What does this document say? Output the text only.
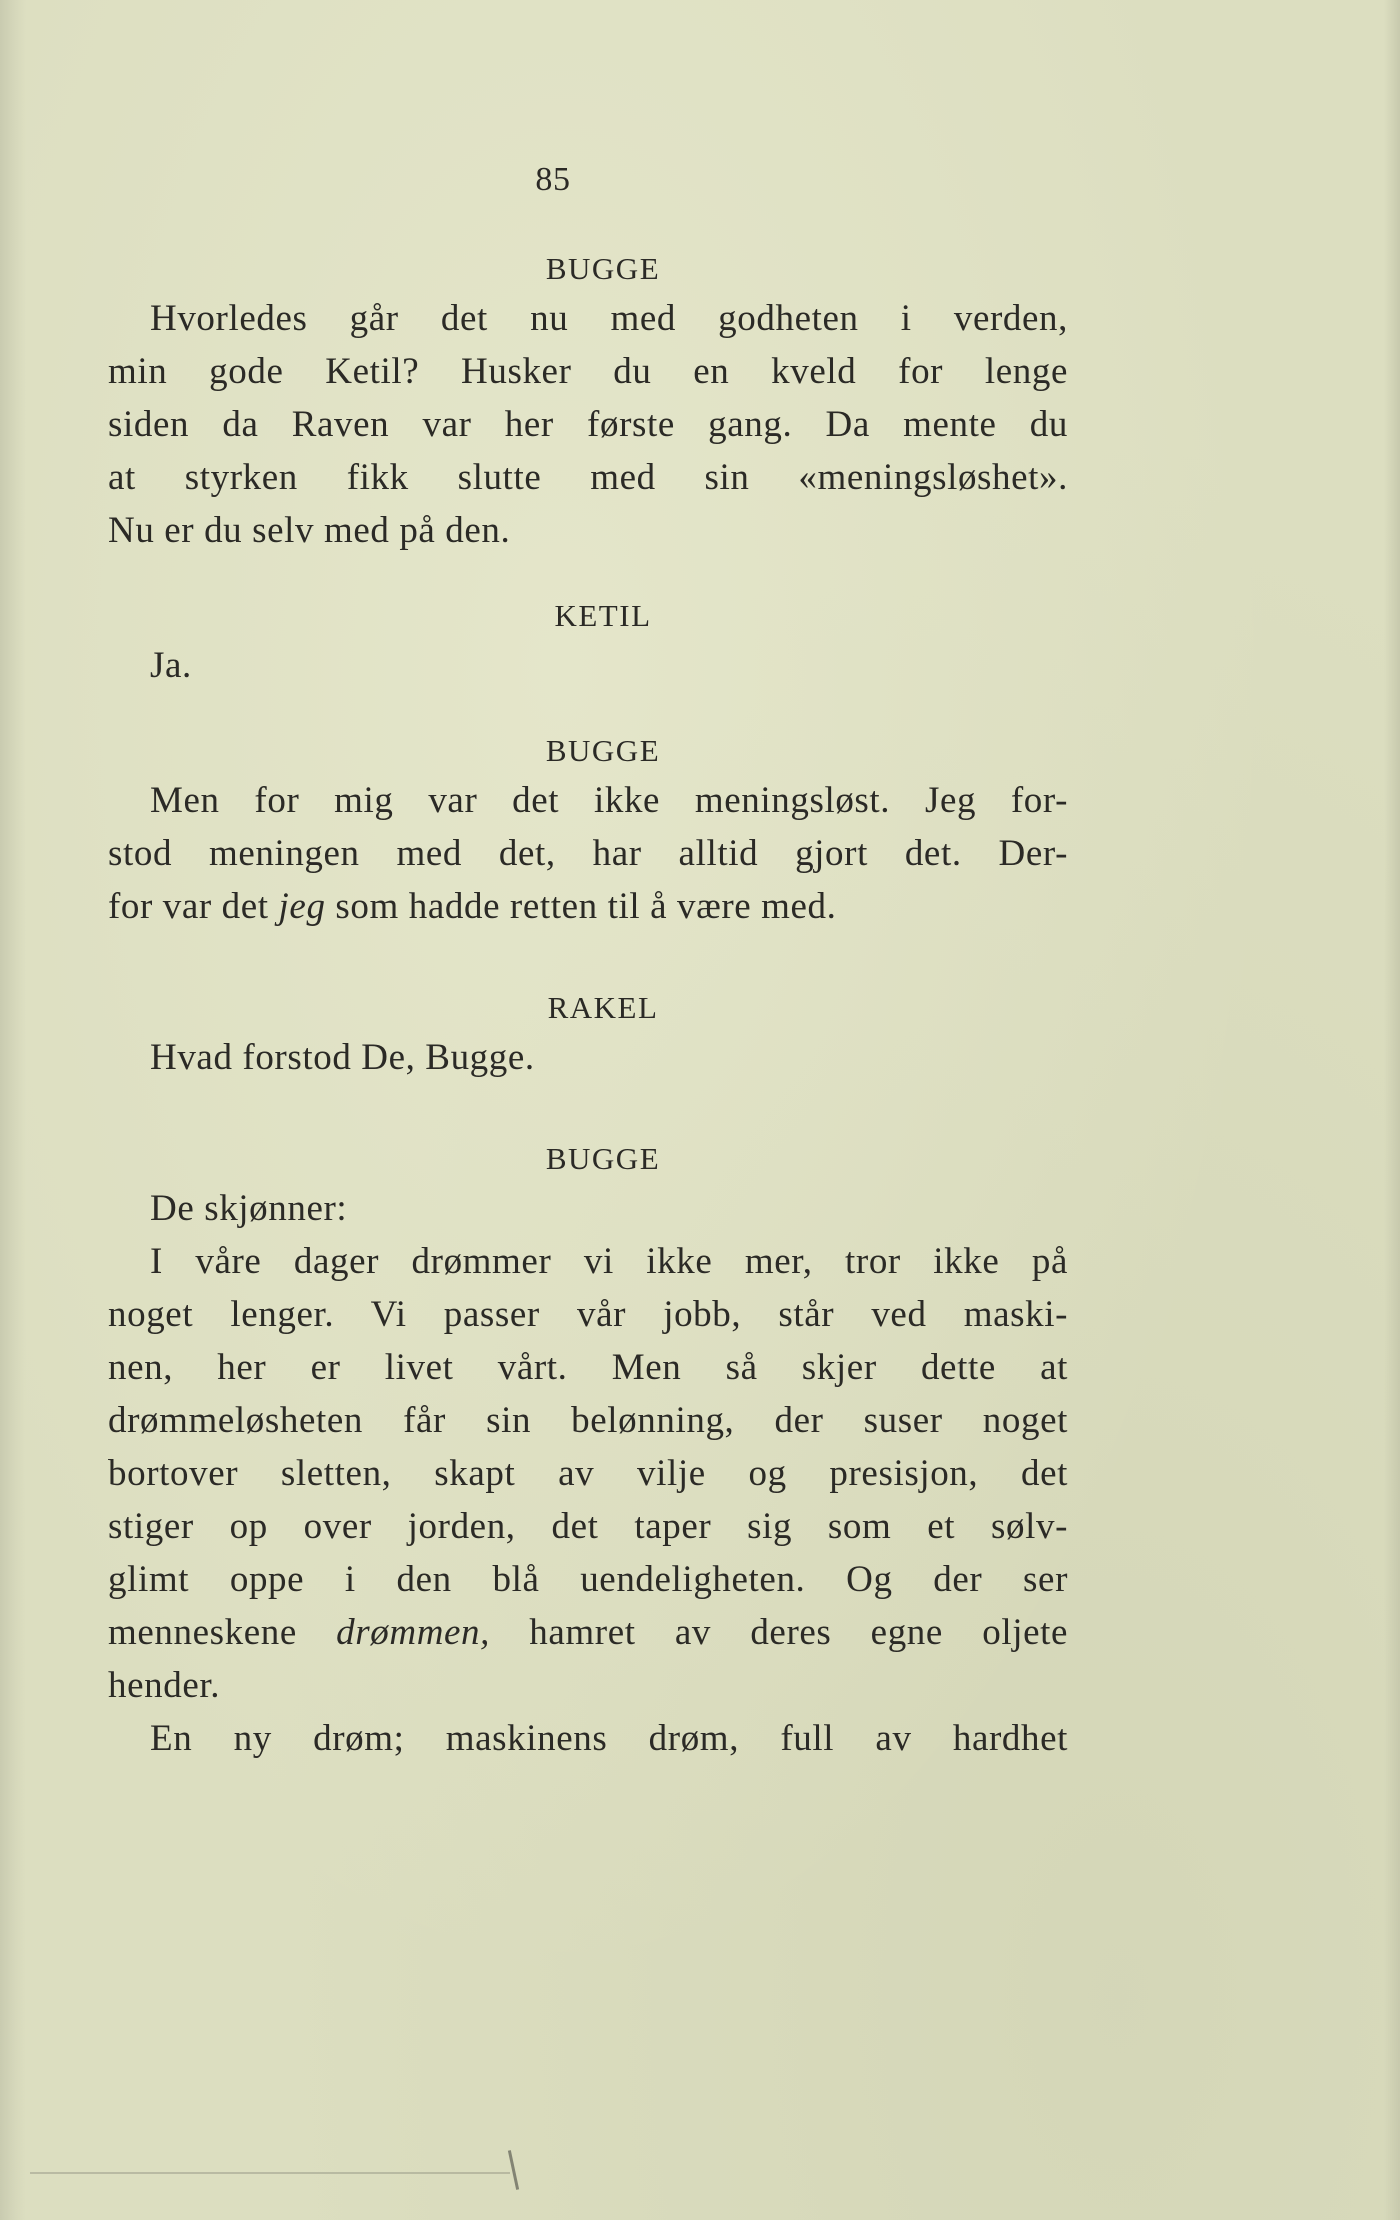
85
BUGGE
Hvorledes går det nu med godheten i verden,
min gode Ketil? Husker du en kveld for lenge
siden da Raven var her første gang. Da mente du
at styrken fikk slutte med sin «meningsløshet».
Nu er du selv med på den.
KETIL
Ja.
BUGGE
Men for mig var det ikke meningsløst. Jeg for-
stod meningen med det, har alltid gjort det. Der-
for var det jeg som hadde retten til å være med.
RAKEL
Hvad forstod De, Bugge.
BUGGE
De skjønner:
I våre dager drømmer vi ikke mer, tror ikke på
noget lenger. Vi passer vår jobb, står ved maski-
nen, her er livet vårt. Men så skjer dette at
drømmeløsheten får sin belønning, der suser noget
bortover sletten, skapt av vilje og presisjon, det
stiger op over jorden, det taper sig som et sølv-
glimt oppe i den blå uendeligheten. Og der ser
menneskene drømmen, hamret av deres egne oljete
hender.
En ny drøm; maskinens drøm, full av hardhet
